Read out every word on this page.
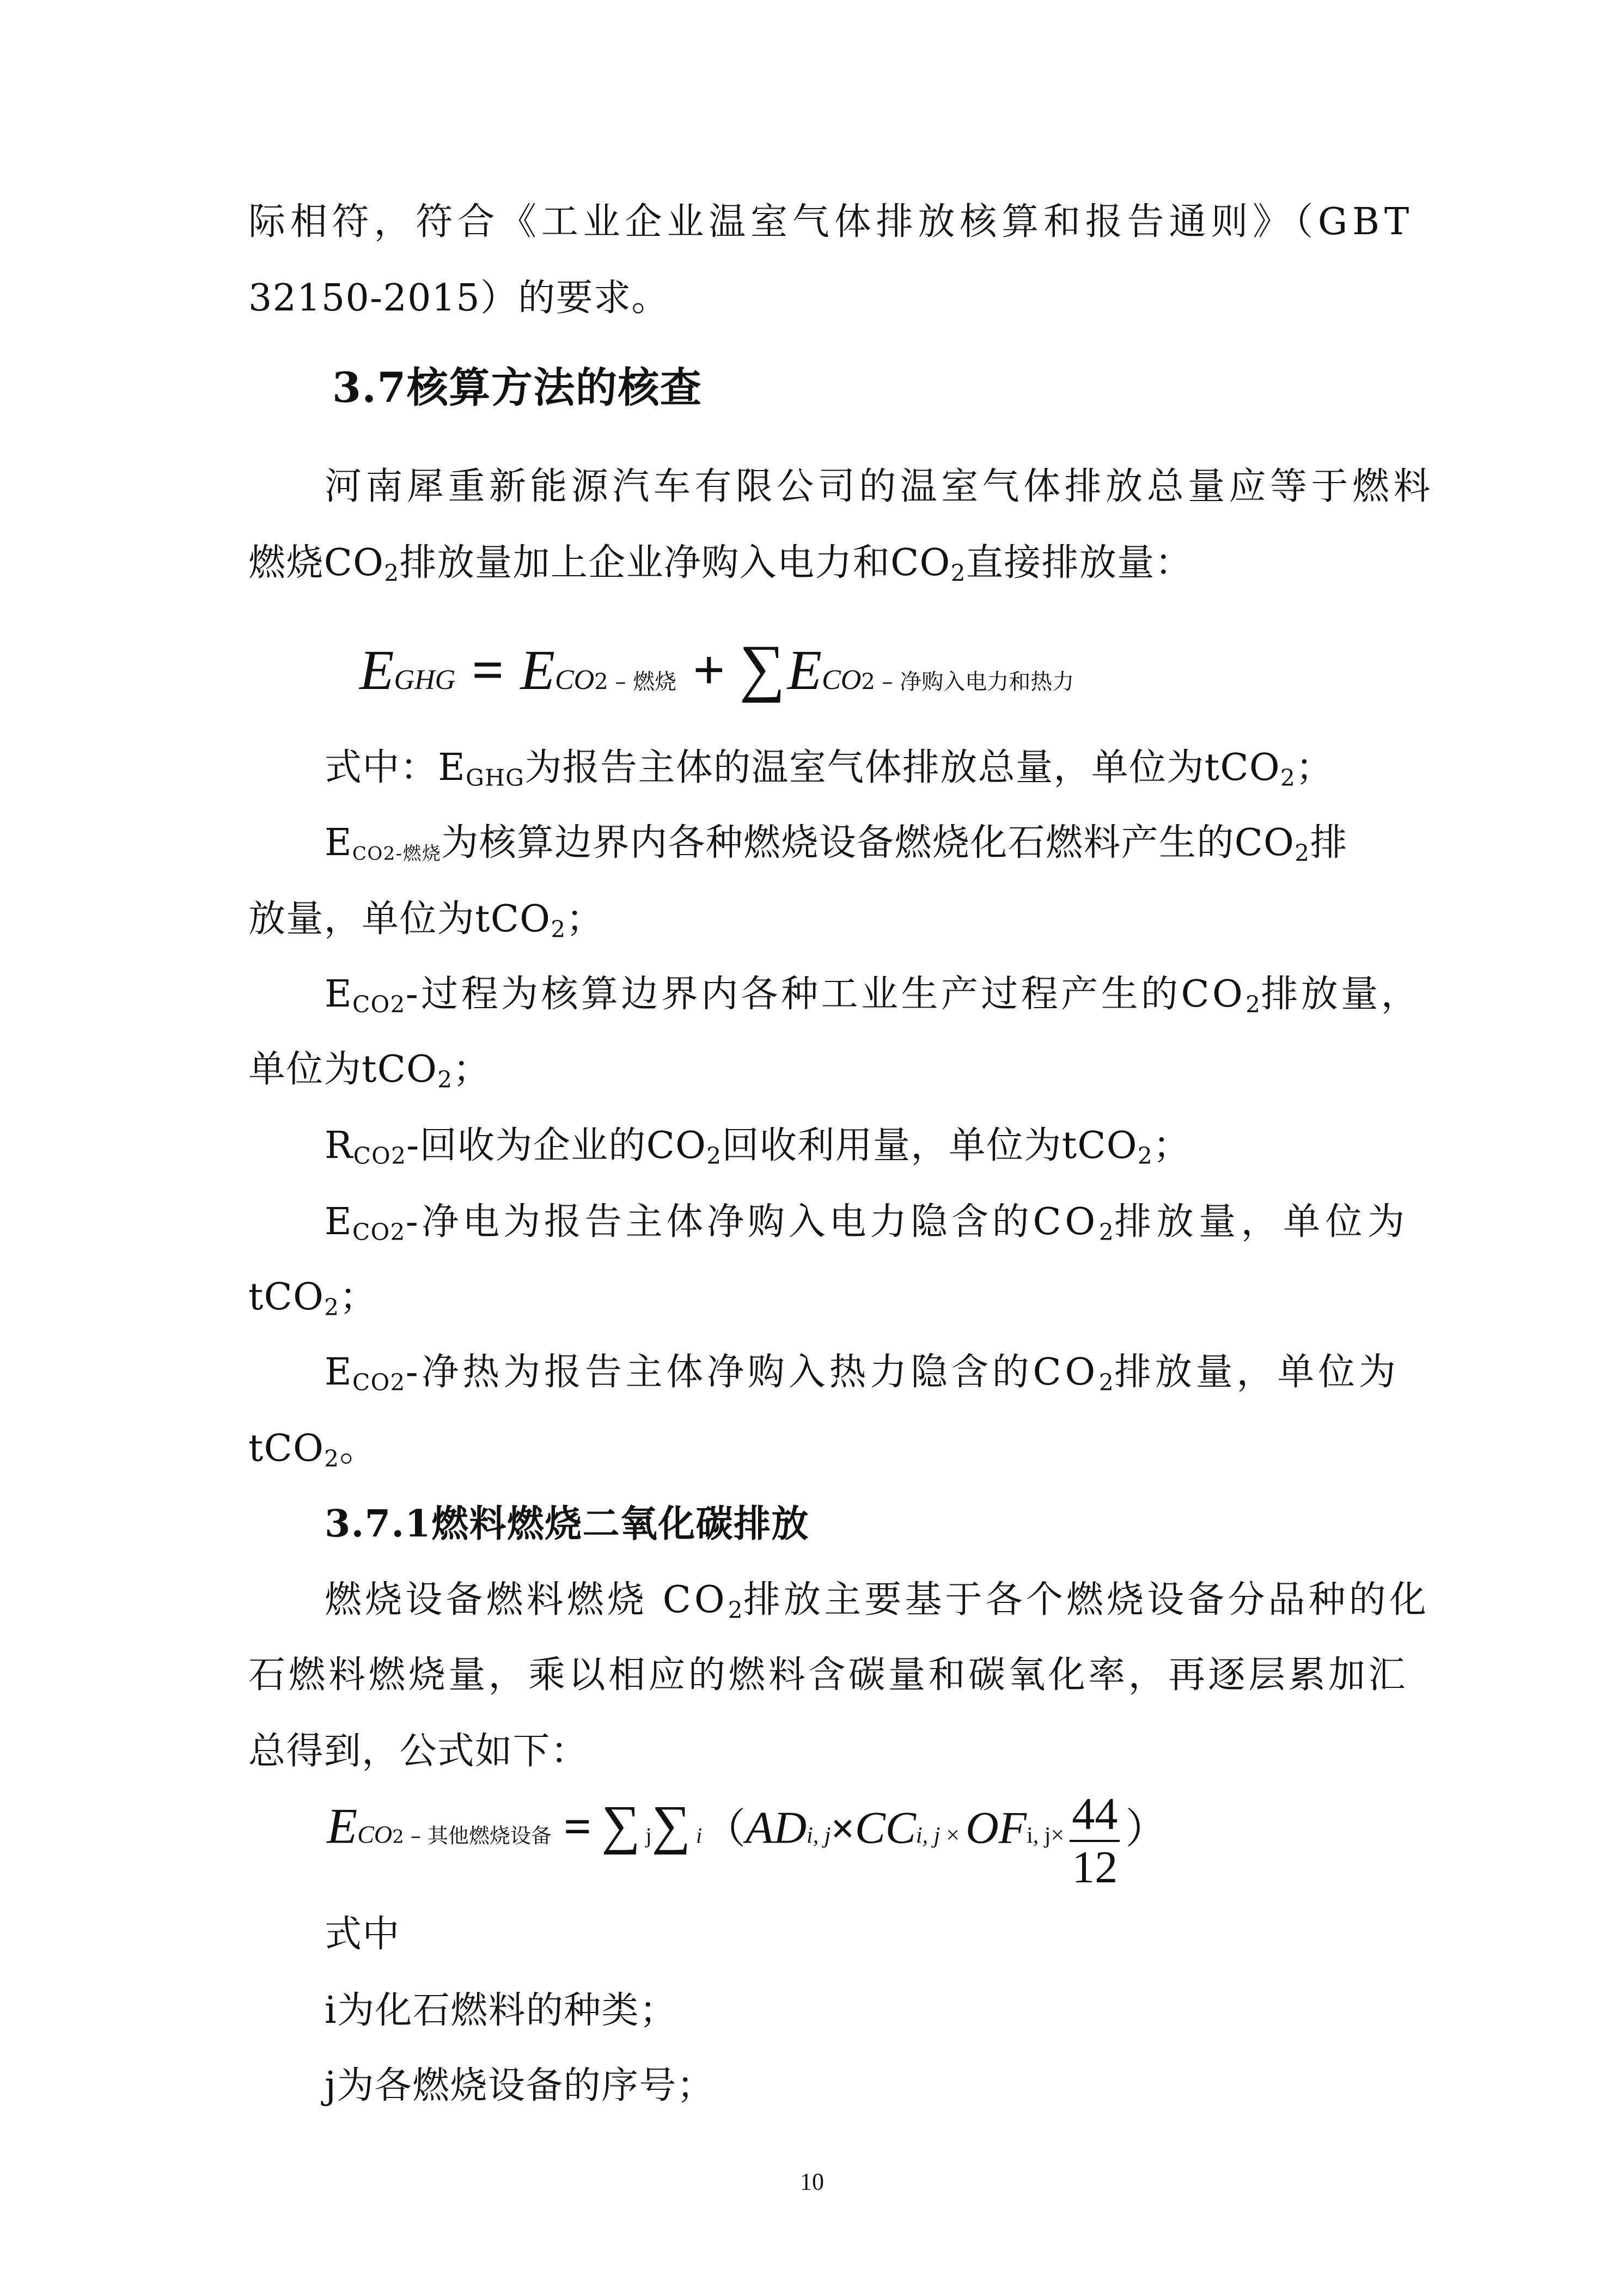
际相符，符合《工业企业温室气体排放核算和报告通则》（GBT
32150-2015）的要求。
3.7核算方法的核查
河南犀重新能源汽车有限公司的温室气体排放总量应等于燃料
燃烧$CO_2$排放量加上企业净购入电力和$CO_2$直接排放量：
EGHG = ECO2 – 燃烧 + ∑ ECO2 – 净购入电力和热力
式中：$E_{GHG}$为报告主体的温室气体排放总量，单位为tCO$_2$；
$E_{CO2-燃烧}$为核算边界内各种燃烧设备燃烧化石燃料产生的$CO_2$排
放量，单位为tCO$_2$；
$E_{CO2}-$过程为核算边界内各种工业生产过程产生的$CO_2$排放量，
单位为tCO$_2$；
$R_{CO2}-$回收为企业的$CO_2$回收利用量，单位为tCO$_2$；
$E_{CO2}-$净电为报告主体净购入电力隐含的$CO_2$排放量，单位为
tCO$_2$；
$E_{CO2}-$净热为报告主体净购入热力隐含的$CO_2$排放量，单位为
tCO$_2$。
3.7.1燃料燃烧二氧化碳排放
燃烧设备燃料燃烧 $CO_2$排放主要基于各个燃烧设备分品种的化
石燃料燃烧量，乘以相应的燃料含碳量和碳氧化率，再逐层累加汇
总得到，公式如下：
ECO2 – 其他燃烧设备 = ∑ j∑ i （ADi, j×CCi, j × OFi, $j\times \frac{44}{12}$ ）
式中
i为化石燃料的种类；
j为各燃烧设备的序号；
10
